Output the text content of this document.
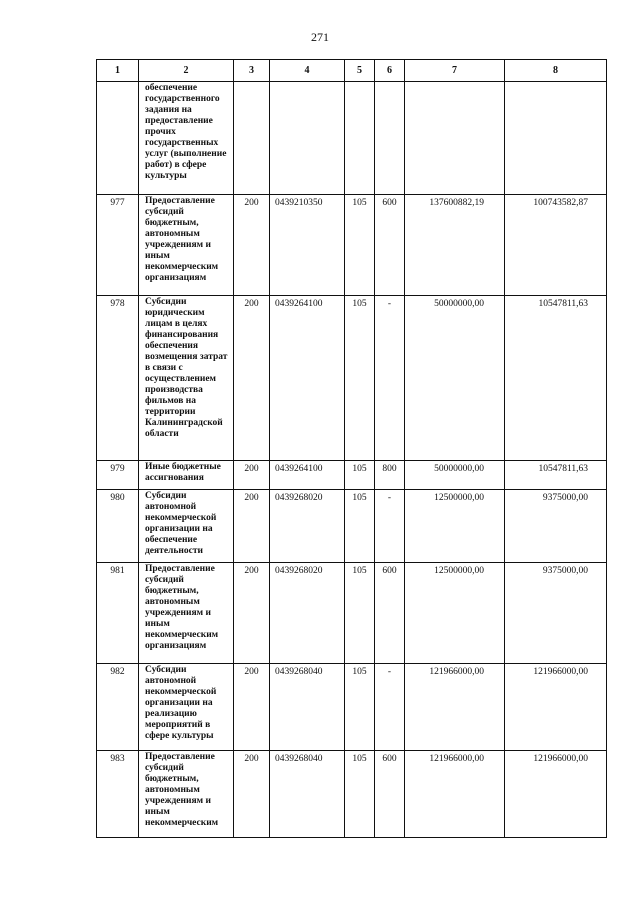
271
1	2	3	4	5	6	7	8
	обеспечение государственного задания на предоставление прочих государственных услуг (выполнение работ) в сфере культуры						
977	Предоставление субсидий бюджетным, автономным учреждениям и иным некоммерческим организациям	200	0439210350	105	600	137600882,19	100743582,87
978	Субсидии юридическим лицам в целях финансирования обеспечения возмещения затрат в связи с осуществлением производства фильмов на территории Калининградской области	200	0439264100	105	-	50000000,00	10547811,63
979	Иные бюджетные ассигнования	200	0439264100	105	800	50000000,00	10547811,63
980	Субсидии автономной некоммерческой организации на обеспечение деятельности	200	0439268020	105	-	12500000,00	9375000,00
981	Предоставление субсидий бюджетным, автономным учреждениям и иным некоммерческим организациям	200	0439268020	105	600	12500000,00	9375000,00
982	Субсидии автономной некоммерческой организации на реализацию мероприятий в сфере культуры	200	0439268040	105	-	121966000,00	121966000,00
983	Предоставление субсидий бюджетным, автономным учреждениям и иным некоммерческим	200	0439268040	105	600	121966000,00	121966000,00
